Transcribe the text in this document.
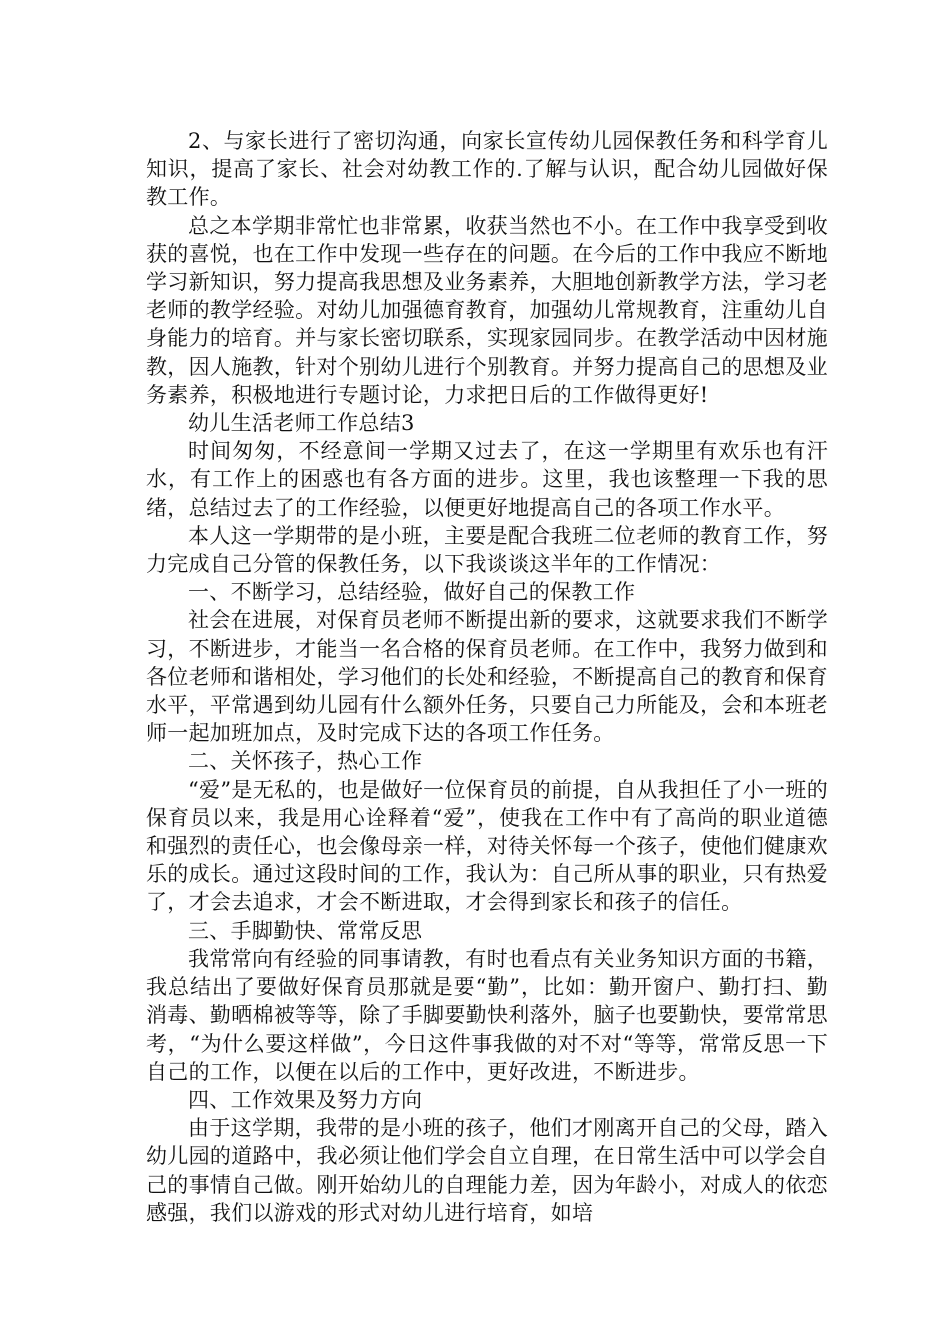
2、与家长进行了密切沟通，向家长宣传幼儿园保教任务和科学育儿知识，提高了家长、社会对幼教工作的.了解与认识，配合幼儿园做好保教工作。

总之本学期非常忙也非常累，收获当然也不小。在工作中我享受到收获的喜悦，也在工作中发现一些存在的问题。在今后的工作中我应不断地学习新知识，努力提高我思想及业务素养，大胆地创新教学方法，学习老老师的教学经验。对幼儿加强德育教育，加强幼儿常规教育，注重幼儿自身能力的培育。并与家长密切联系，实现家园同步。在教学活动中因材施教，因人施教，针对个别幼儿进行个别教育。并努力提高自己的思想及业务素养，积极地进行专题讨论，力求把日后的工作做得更好!

幼儿生活老师工作总结3

时间匆匆，不经意间一学期又过去了，在这一学期里有欢乐也有汗水，有工作上的困惑也有各方面的进步。这里，我也该整理一下我的思绪，总结过去了的工作经验，以便更好地提高自己的各项工作水平。

本人这一学期带的是小班，主要是配合我班二位老师的教育工作，努力完成自己分管的保教任务，以下我谈谈这半年的工作情况：

一、不断学习，总结经验，做好自己的保教工作

社会在进展，对保育员老师不断提出新的要求，这就要求我们不断学习，不断进步，才能当一名合格的保育员老师。在工作中，我努力做到和各位老师和谐相处，学习他们的长处和经验，不断提高自己的教育和保育水平，平常遇到幼儿园有什么额外任务，只要自己力所能及，会和本班老师一起加班加点，及时完成下达的各项工作任务。

二、关怀孩子，热心工作

“爱”是无私的，也是做好一位保育员的前提，自从我担任了小一班的保育员以来，我是用心诠释着“爱”，使我在工作中有了高尚的职业道德和强烈的责任心，也会像母亲一样，对待关怀每一个孩子，使他们健康欢乐的成长。通过这段时间的工作，我认为：自己所从事的职业，只有热爱了，才会去追求，才会不断进取，才会得到家长和孩子的信任。

三、手脚勤快、常常反思

我常常向有经验的同事请教，有时也看点有关业务知识方面的书籍，我总结出了要做好保育员那就是要“勤”，比如：勤开窗户、勤打扫、勤消毒、勤晒棉被等等，除了手脚要勤快利落外，脑子也要勤快，要常常思考，“为什么要这样做”，今日这件事我做的对不对“等等，常常反思一下自己的工作，以便在以后的工作中，更好改进，不断进步。

四、工作效果及努力方向

由于这学期，我带的是小班的孩子，他们才刚离开自己的父母，踏入幼儿园的道路中，我必须让他们学会自立自理，在日常生活中可以学会自己的事情自己做。刚开始幼儿的自理能力差，因为年龄小，对成人的依恋感强，我们以游戏的形式对幼儿进行培育，如培
